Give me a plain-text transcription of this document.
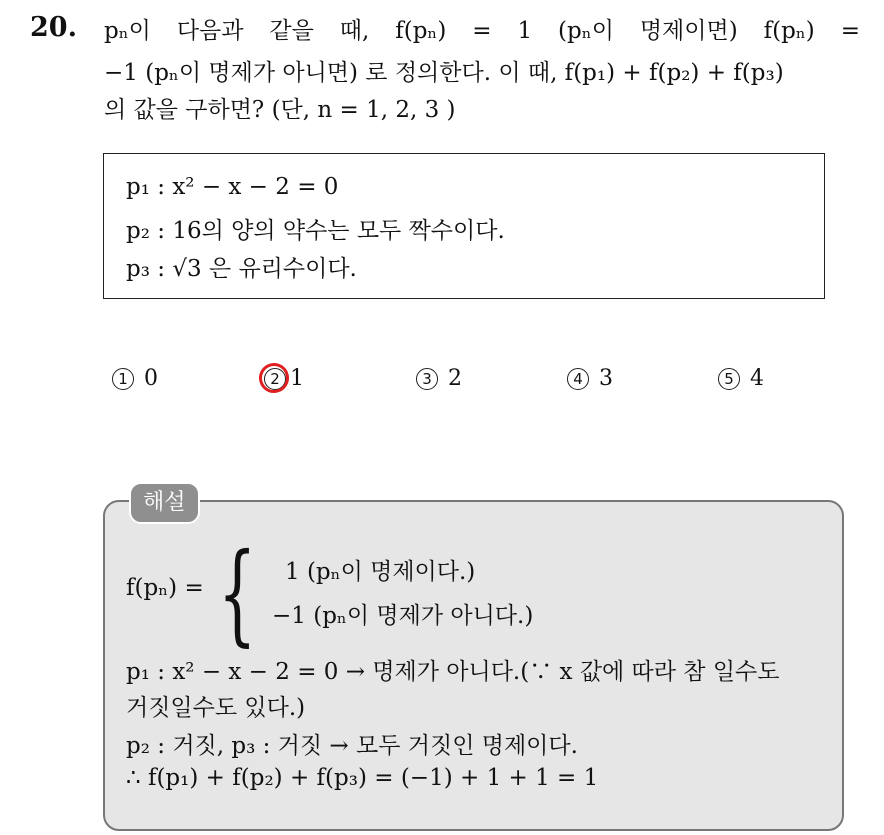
20. pₙ이 다음과 같을 때, f(pₙ) = 1 (pₙ이 명제이면) f(pₙ) =
−1 (pₙ이 명제가 아니면) 로 정의한다. 이 때, f(p₁) + f(p₂) + f(p₃)
의 값을 구하면? (단, n = 1, 2, 3 )
p₁ : x² − x − 2 = 0
p₂ : 16의 양의 약수는 모두 짝수이다.
p₃ : √3 은 유리수이다.
1 0	2 1	3 2	4 3	5 4
해설
f(pₙ) = { 1 (pₙ이 명제이다.)
−1 (pₙ이 명제가 아니다.)
p₁ : x² − x − 2 = 0 → 명제가 아니다.(∵ x 값에 따라 참 일수도
거짓일수도 있다.)
p₂ : 거짓, p₃ : 거짓 → 모두 거짓인 명제이다.
∴ f(p₁) + f(p₂) + f(p₃) = (−1) + 1 + 1 = 1
